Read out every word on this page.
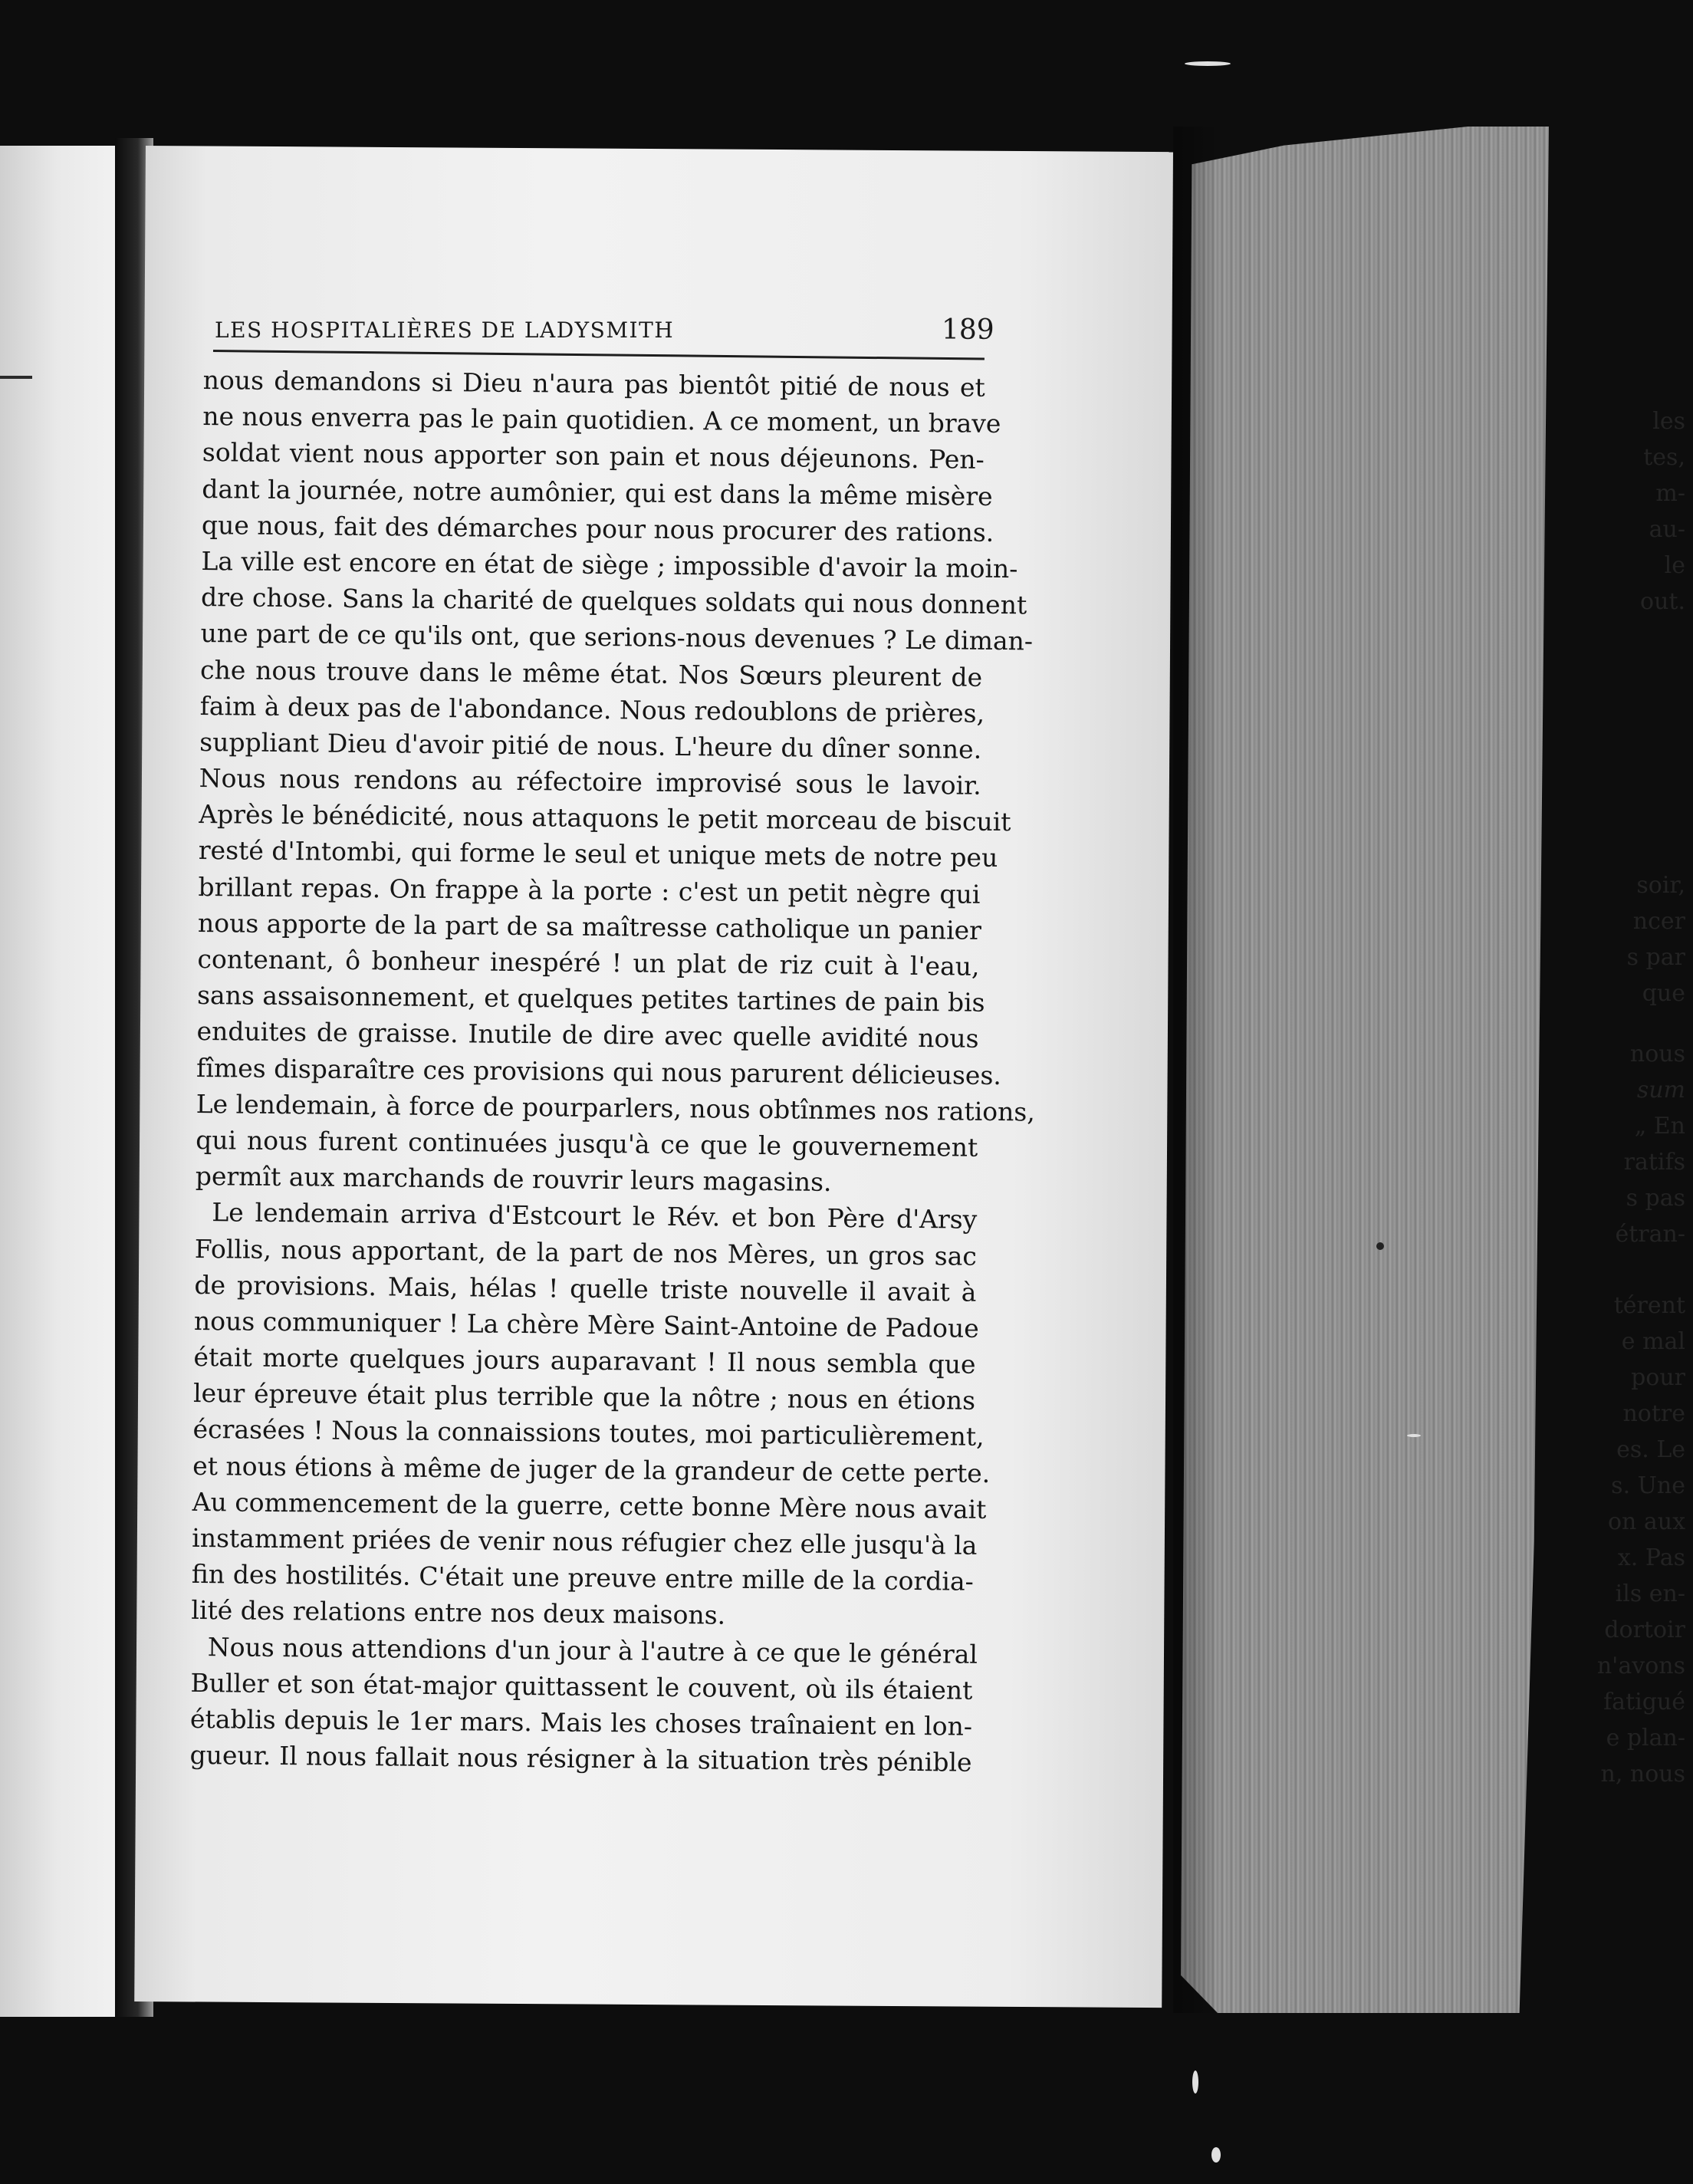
les
tes,
m-
au-
le
out.
soir,
ncer
s par
que
nous
sum
„ En
ratifs
s pas
étran-
térent
e mal
pour
notre
es. Le
s. Une
on aux
x. Pas
ils en-
dortoir
n'avons
fatigué
e plan-
n, nous
LES HOSPITALIÈRES DE LADYSMITH	189
nous demandons si Dieu n'aura pas bientôt pitié de nous et
ne nous enverra pas le pain quotidien. A ce moment, un brave
soldat vient nous apporter son pain et nous déjeunons. Pen-
dant la journée, notre aumônier, qui est dans la même misère
que nous, fait des démarches pour nous procurer des rations.
La ville est encore en état de siège ; impossible d'avoir la moin-
dre chose. Sans la charité de quelques soldats qui nous donnent
une part de ce qu'ils ont, que serions-nous devenues ? Le diman-
che nous trouve dans le même état. Nos Sœurs pleurent de
faim à deux pas de l'abondance. Nous redoublons de prières,
suppliant Dieu d'avoir pitié de nous. L'heure du dîner sonne.
Nous nous rendons au réfectoire improvisé sous le lavoir.
Après le bénédicité, nous attaquons le petit morceau de biscuit
resté d'Intombi, qui forme le seul et unique mets de notre peu
brillant repas. On frappe à la porte : c'est un petit nègre qui
nous apporte de la part de sa maîtresse catholique un panier
contenant, ô bonheur inespéré ! un plat de riz cuit à l'eau,
sans assaisonnement, et quelques petites tartines de pain bis
enduites de graisse. Inutile de dire avec quelle avidité nous
fîmes disparaître ces provisions qui nous parurent délicieuses.
Le lendemain, à force de pourparlers, nous obtînmes nos rations,
qui nous furent continuées jusqu'à ce que le gouvernement
permît aux marchands de rouvrir leurs magasins.
Le lendemain arriva d'Estcourt le Rév. et bon Père d'Arsy
Follis, nous apportant, de la part de nos Mères, un gros sac
de provisions. Mais, hélas ! quelle triste nouvelle il avait à
nous communiquer ! La chère Mère Saint-Antoine de Padoue
était morte quelques jours auparavant ! Il nous sembla que
leur épreuve était plus terrible que la nôtre ; nous en étions
écrasées ! Nous la connaissions toutes, moi particulièrement,
et nous étions à même de juger de la grandeur de cette perte.
Au commencement de la guerre, cette bonne Mère nous avait
instamment priées de venir nous réfugier chez elle jusqu'à la
fin des hostilités. C'était une preuve entre mille de la cordia-
lité des relations entre nos deux maisons.
Nous nous attendions d'un jour à l'autre à ce que le général
Buller et son état-major quittassent le couvent, où ils étaient
établis depuis le 1er mars. Mais les choses traînaient en lon-
gueur. Il nous fallait nous résigner à la situation très pénible
